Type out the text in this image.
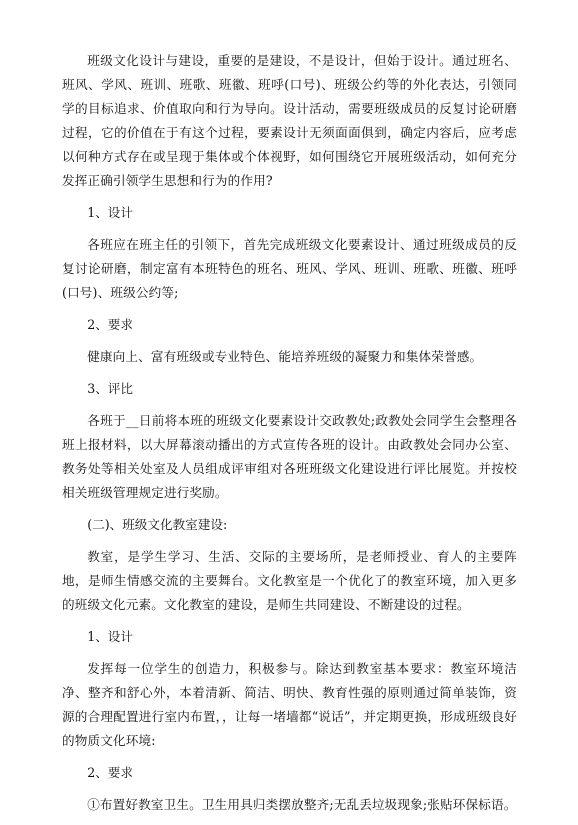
班级文化设计与建设，重要的是建设，不是设计，但始于设计。通过班名、班风、学风、班训、班歌、班徽、班呼(口号)、班级公约等的外化表达，引领同学的目标追求、价值取向和行为导向。设计活动，需要班级成员的反复讨论研磨过程，它的价值在于有这个过程，要素设计无须面面俱到，确定内容后，应考虑以何种方式存在或呈现于集体或个体视野，如何围绕它开展班级活动，如何充分发挥正确引领学生思想和行为的作用?

1、设计

各班应在班主任的引领下，首先完成班级文化要素设计、通过班级成员的反复讨论研磨，制定富有本班特色的班名、班风、学风、班训、班歌、班徽、班呼(口号)、班级公约等;

2、要求

健康向上、富有班级或专业特色、能培养班级的凝聚力和集体荣誉感。

3、评比

各班于__日前将本班的班级文化要素设计交政教处;政教处会同学生会整理各班上报材料，以大屏幕滚动播出的方式宣传各班的设计。由政教处会同办公室、教务处等相关处室及人员组成评审组对各班班级文化建设进行评比展览。并按校相关班级管理规定进行奖励。

(二)、班级文化教室建设:

教室，是学生学习、生活、交际的主要场所，是老师授业、育人的主要阵地，是师生情感交流的主要舞台。文化教室是一个优化了的教室环境，加入更多的班级文化元素。文化教室的建设，是师生共同建设、不断建设的过程。

1、设计

发挥每一位学生的创造力，积极参与。除达到教室基本要求：教室环境洁净、整齐和舒心外，本着清新、简洁、明快、教育性强的原则通过简单装饰，资源的合理配置进行室内布置，，让每一堵墙都“说话”，并定期更换，形成班级良好的物质文化环境:

2、要求

①布置好教室卫生。卫生用具归类摆放整齐;无乱丢垃圾现象;张贴环保标语。
